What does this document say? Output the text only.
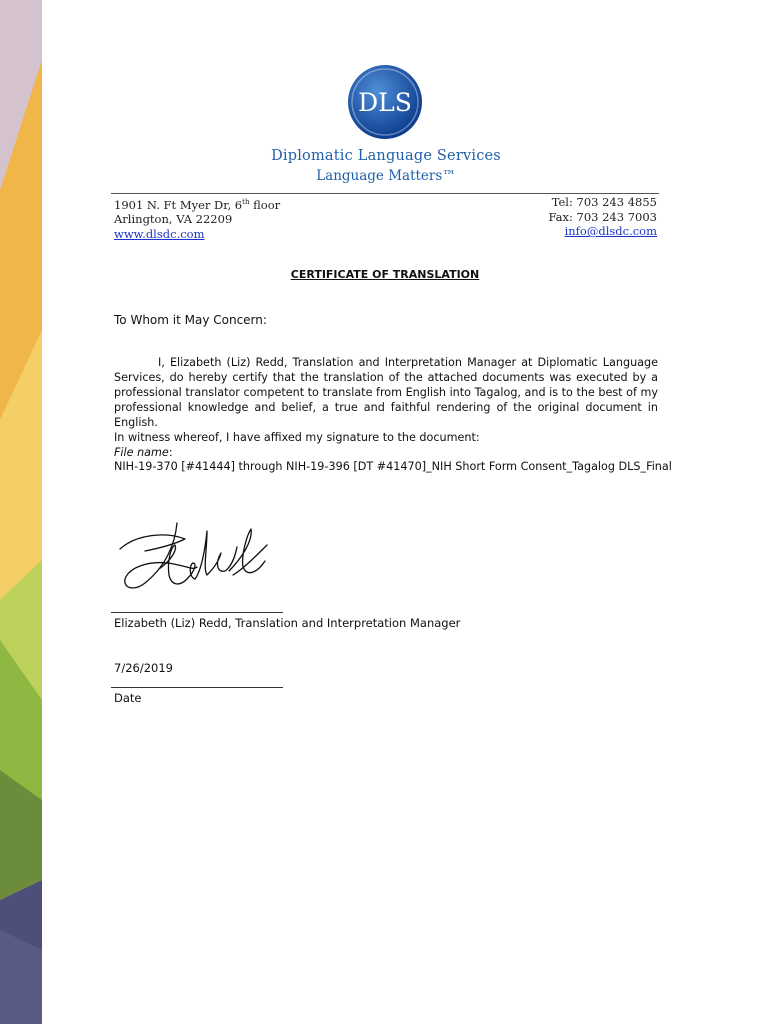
DLS
Diplomatic Language Services
Language Matters™
1901 N. Ft Myer Dr, 6th floor
Arlington, VA 22209
www.dlsdc.com
Tel: 703 243 4855
Fax: 703 243 7003
info@dlsdc.com
CERTIFICATE OF TRANSLATION
To Whom it May Concern:
I, Elizabeth (Liz) Redd, Translation and Interpretation Manager at Diplomatic Language Services, do hereby certify that the translation of the attached documents was executed by a professional translator competent to translate from English into Tagalog, and is to the best of my professional knowledge and belief, a true and faithful rendering of the original document in English.
In witness whereof, I have affixed my signature to the document:
File name:
NIH-19-370 [#41444] through NIH-19-396 [DT #41470]_NIH Short Form Consent_Tagalog DLS_Final
Elizabeth (Liz) Redd, Translation and Interpretation Manager
7/26/2019
Date
